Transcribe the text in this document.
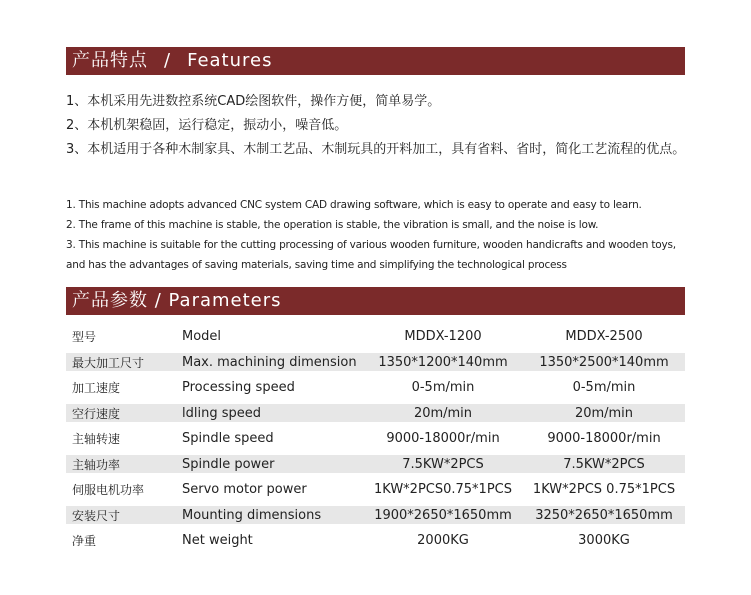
产品特点 / Features
1、本机采用先进数控系统CAD绘图软件，操作方便，简单易学。
2、本机机架稳固，运行稳定，振动小，噪音低。
3、本机适用于各种木制家具、木制工艺品、木制玩具的开料加工，具有省料、省时，简化工艺流程的优点。
1. This machine adopts advanced CNC system CAD drawing software, which is easy to operate and easy to learn.
2. The frame of this machine is stable, the operation is stable, the vibration is small, and the noise is low.
3. This machine is suitable for the cutting processing of various wooden furniture, wooden handicrafts and wooden toys,
and has the advantages of saving materials, saving time and simplifying the technological process
产品参数 / Parameters
型号	Model	MDDX-1200	MDDX-2500
最大加工尺寸	Max. machining dimension	1350*1200*140mm	1350*2500*140mm
加工速度	Processing speed	0-5m/min	0-5m/min
空行速度	ldling speed	20m/min	20m/min
主轴转速	Spindle speed	9000-18000r/min	9000-18000r/min
主轴功率	Spindle power	7.5KW*2PCS	7.5KW*2PCS
伺服电机功率	Servo motor power	1KW*2PCS0.75*1PCS	1KW*2PCS 0.75*1PCS
安装尺寸	Mounting dimensions	1900*2650*1650mm	3250*2650*1650mm
净重	Net weight	2000KG	3000KG
